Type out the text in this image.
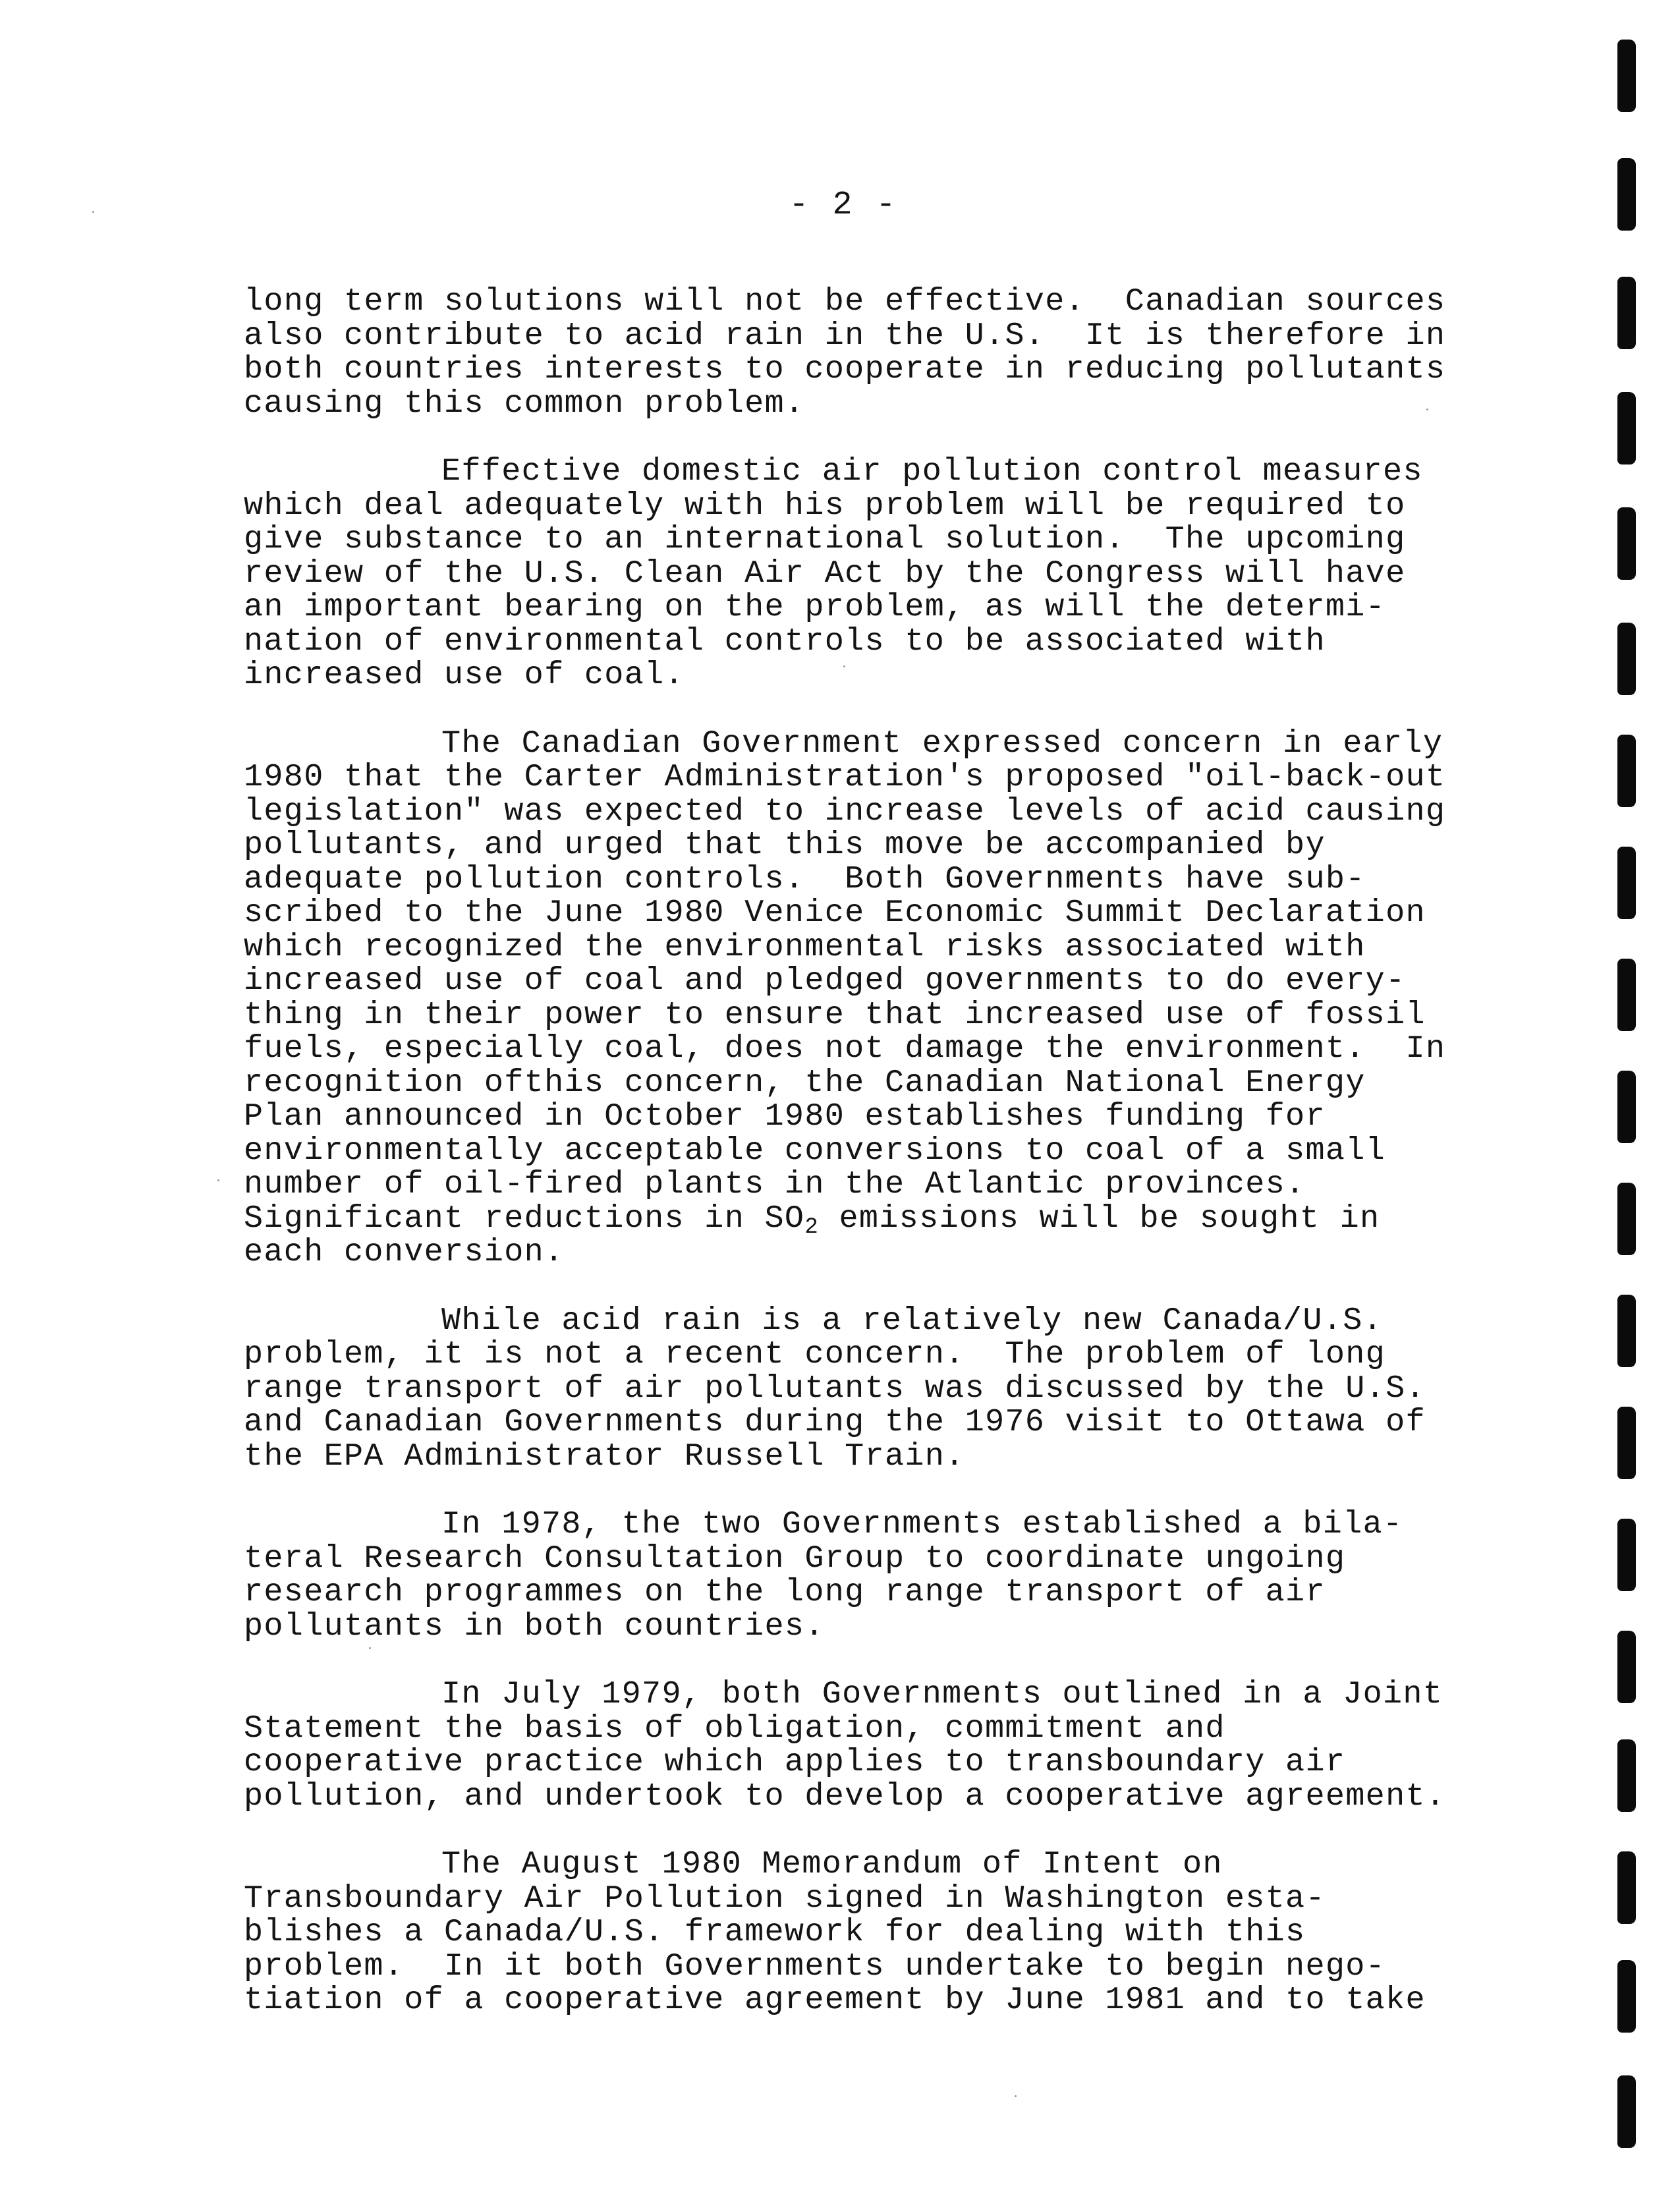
- 2 -
long term solutions will not be effective.  Canadian sources
also contribute to acid rain in the U.S.  It is therefore in
both countries interests to cooperate in reducing pollutants
causing this common problem.
Effective domestic air pollution control measures
which deal adequately with his problem will be required to
give substance to an international solution.  The upcoming
review of the U.S. Clean Air Act by the Congress will have
an important bearing on the problem, as will the determi-
nation of environmental controls to be associated with
increased use of coal.
The Canadian Government expressed concern in early
1980 that the Carter Administration's proposed "oil-back-out
legislation" was expected to increase levels of acid causing
pollutants, and urged that this move be accompanied by
adequate pollution controls.  Both Governments have sub-
scribed to the June 1980 Venice Economic Summit Declaration
which recognized the environmental risks associated with
increased use of coal and pledged governments to do every-
thing in their power to ensure that increased use of fossil
fuels, especially coal, does not damage the environment.  In
recognition ofthis concern, the Canadian National Energy
Plan announced in October 1980 establishes funding for
environmentally acceptable conversions to coal of a small
number of oil-fired plants in the Atlantic provinces.
Significant reductions in $SO_2$ emissions will be sought in
each conversion.
While acid rain is a relatively new Canada/U.S.
problem, it is not a recent concern.  The problem of long
range transport of air pollutants was discussed by the U.S.
and Canadian Governments during the 1976 visit to Ottawa of
the EPA Administrator Russell Train.
In 1978, the two Governments established a bila-
teral Research Consultation Group to coordinate ungoing
research programmes on the long range transport of air
pollutants in both countries.
In July 1979, both Governments outlined in a Joint
Statement the basis of obligation, commitment and
cooperative practice which applies to transboundary air
pollution, and undertook to develop a cooperative agreement.
The August 1980 Memorandum of Intent on
Transboundary Air Pollution signed in Washington esta-
blishes a Canada/U.S. framework for dealing with this
problem.  In it both Governments undertake to begin nego-
tiation of a cooperative agreement by June 1981 and to take
